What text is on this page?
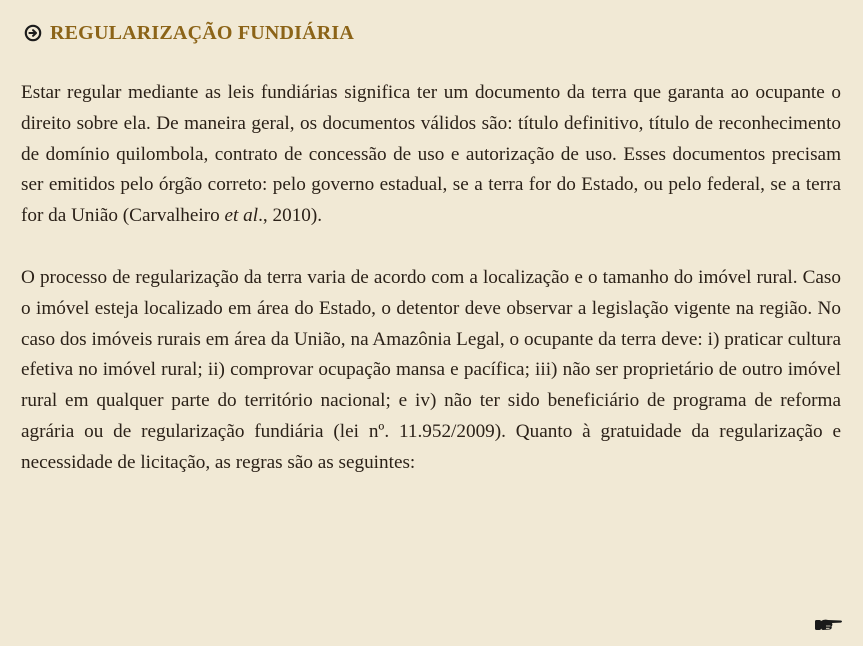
REGULARIZAÇÃO FUNDIÁRIA

Estar regular mediante as leis fundiárias significa ter um documento da terra que garanta ao ocupante o direito sobre ela. De maneira geral, os documentos válidos são: título definitivo, título de reconhecimento de domínio quilombola, contrato de concessão de uso e autorização de uso. Esses documentos precisam ser emitidos pelo órgão correto: pelo governo estadual, se a terra for do Estado, ou pelo federal, se a terra for da União (Carvalheiro et al., 2010).

O processo de regularização da terra varia de acordo com a localização e o tamanho do imóvel rural. Caso o imóvel esteja localizado em área do Estado, o detentor deve observar a legislação vigente na região. No caso dos imóveis rurais em área da União, na Amazônia Legal, o ocupante da terra deve: i) praticar cultura efetiva no imóvel rural; ii) comprovar ocupação mansa e pacífica; iii) não ser proprietário de outro imóvel rural em qualquer parte do território nacional; e iv) não ter sido beneficiário de programa de reforma agrária ou de regularização fundiária (lei nº. 11.952/2009). Quanto à gratuidade da regularização e necessidade de licitação, as regras são as seguintes:
